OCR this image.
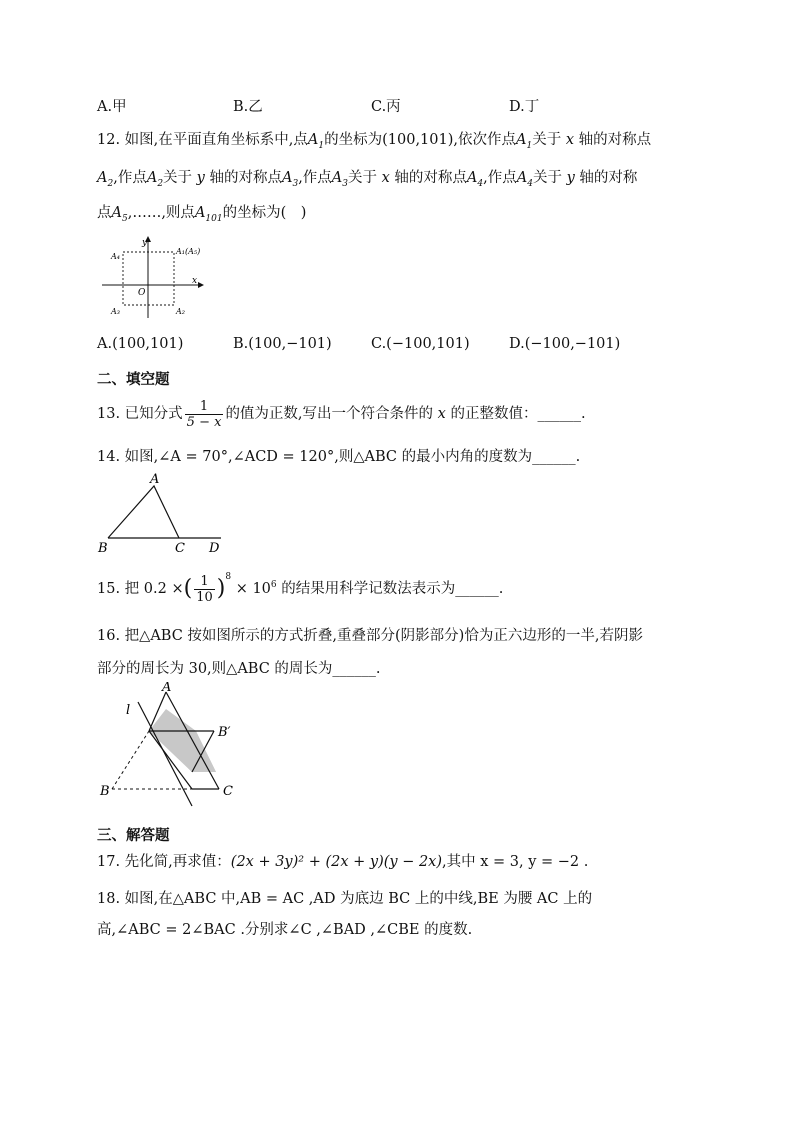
A.甲	B.乙	C.丙	D.丁
12. 如图,在平面直角坐标系中,点$A_1$的坐标为(100,101),依次作点$A_1$关于 x 轴的对称点
$A_2$,作点$A_2$关于 y 轴的对称点$A_3$,作点$A_3$关于 x 轴的对称点$A_4$,作点$A_4$关于 y 轴的对称
点$A_5,\dots\dots$,则点$A_{101}$的坐标为(　)
y
x
O
A₄
A₁(A₅)
A₃	A₂
A.(100,101)	B.(100,−101)	C.(−100,101)	D.(−100,−101)
二、填空题
13. 已知分式 $\frac{1}{5 - x}$ 的值为正数,写出一个符合条件的 x 的正整数值：______.
14. 如图,∠A = 70°,∠ACD = 120°,则△ABC 的最小内角的度数为______.
A
B	C D
15. 把 0.2 ×( $\frac{1}{10} )^8 \times 10^6$ 的结果用科学记数法表示为______.
16. 把△ABC 按如图所示的方式折叠,重叠部分(阴影部分)恰为正六边形的一半,若阴影
部分的周长为 30,则△ABC 的周长为______.
A
l
B′
B	C
三、解答题
17. 先化简,再求值：(2x + 3y)² + (2x + y)(y − 2x),其中 x = 3, y = −2 .
18. 如图,在△ABC 中,AB = AC ,AD 为底边 BC 上的中线,BE 为腰 AC 上的
高,∠ABC = 2∠BAC .分别求∠C ,∠BAD ,∠CBE 的度数.
